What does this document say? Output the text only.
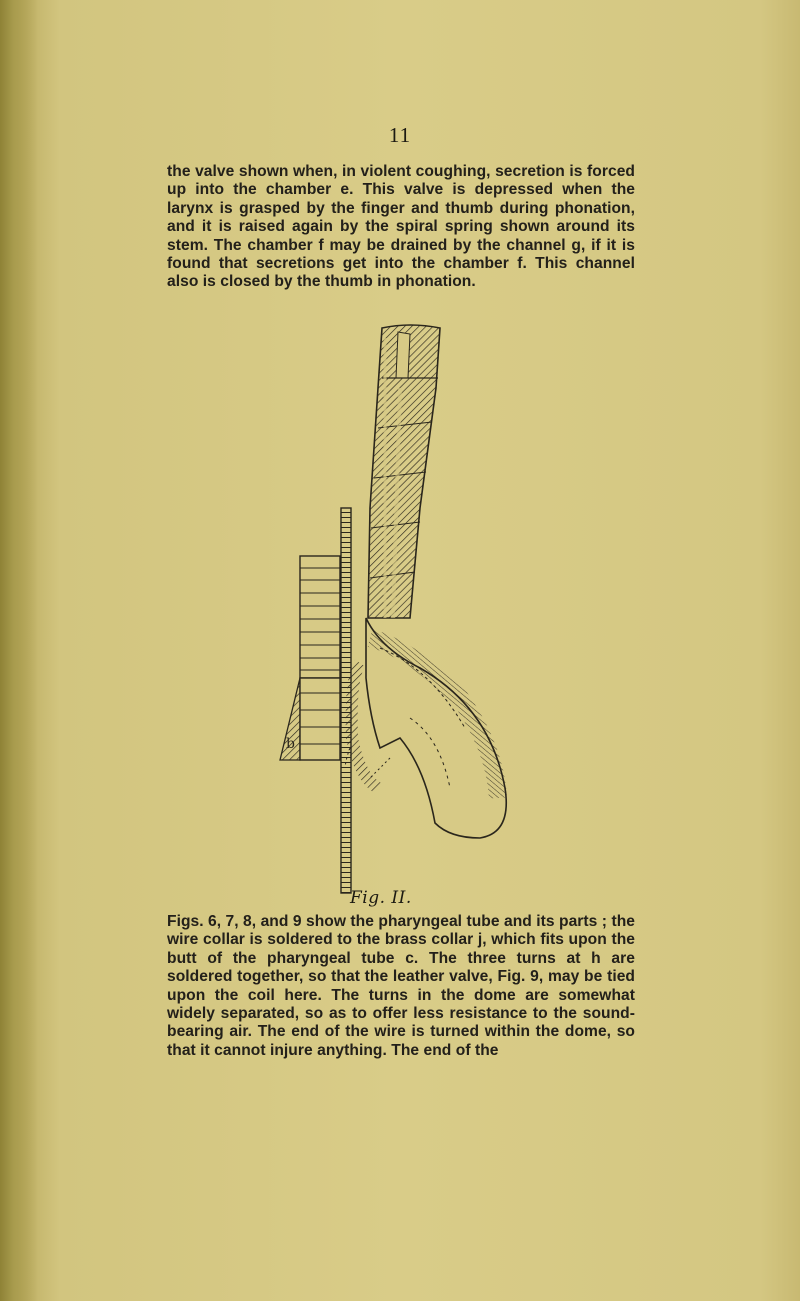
11

the valve shown when, in violent coughing, secretion is forced up into the chamber e. This valve is depressed when the larynx is grasped by the finger and thumb during phonation, and it is raised again by the spiral spring shown around its stem. The chamber f may be drained by the channel g, if it is found that secretions get into the chamber f. This channel also is closed by the thumb in phonation.

b
Fig. II.

Figs. 6, 7, 8, and 9 show the pharyngeal tube and its parts ; the wire collar is soldered to the brass collar j, which fits upon the butt of the pharyngeal tube c. The three turns at h are soldered together, so that the leather valve, Fig. 9, may be tied upon the coil here. The turns in the dome are somewhat widely separated, so as to offer less resistance to the sound-bearing air. The end of the wire is turned within the dome, so that it cannot injure anything. The end of the
